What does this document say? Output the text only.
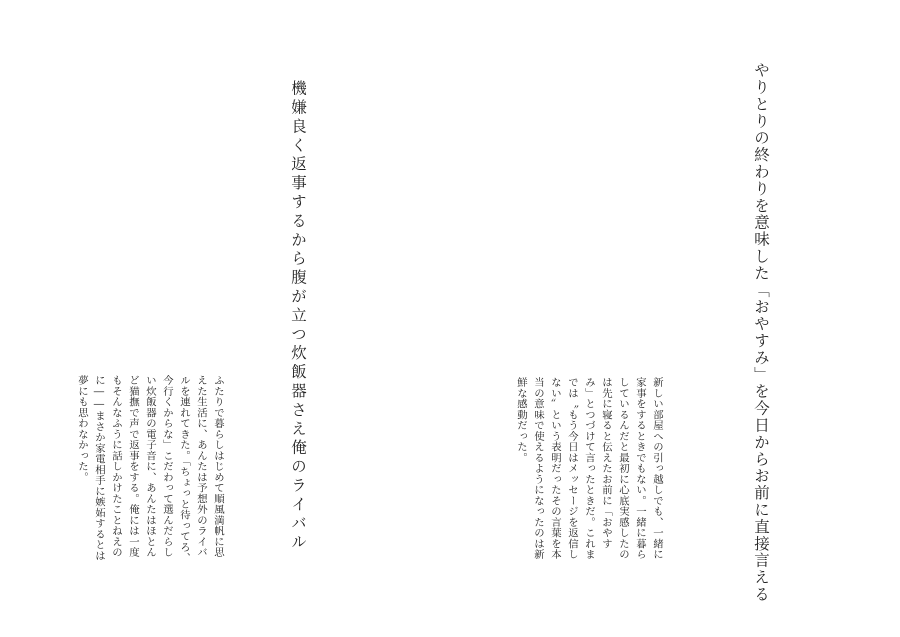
やりとりの終わりを意味した「おやすみ」を今日からお前に直接言える

新しい部屋への引っ越しでも、一緒に
家事をするときでもない。一緒に暮ら
しているんだと最初に心底実感したの
は先に寝ると伝えたお前に「おやす
み」とつづけて言ったときだ。これま
では〝もう今日はメッセージを返信し
ない〟という表明だったその言葉を本
当の意味で使えるようになったのは新
鮮な感動だった。

機嫌良く返事するから腹が立つ炊飯器さえ俺のライバル

ふたりで暮らしはじめて順風満帆に思
えた生活に、あんたは予想外のライバ
ルを連れてきた。「ちょっと待ってろ、
今行くからな」こだわって選んだらし
い炊飯器の電子音に、あんたはほとん
ど猫撫で声で返事をする。俺には一度
もそんなふうに話しかけたことねえの
に――まさか家電相手に嫉妬するとは
夢にも思わなかった。
